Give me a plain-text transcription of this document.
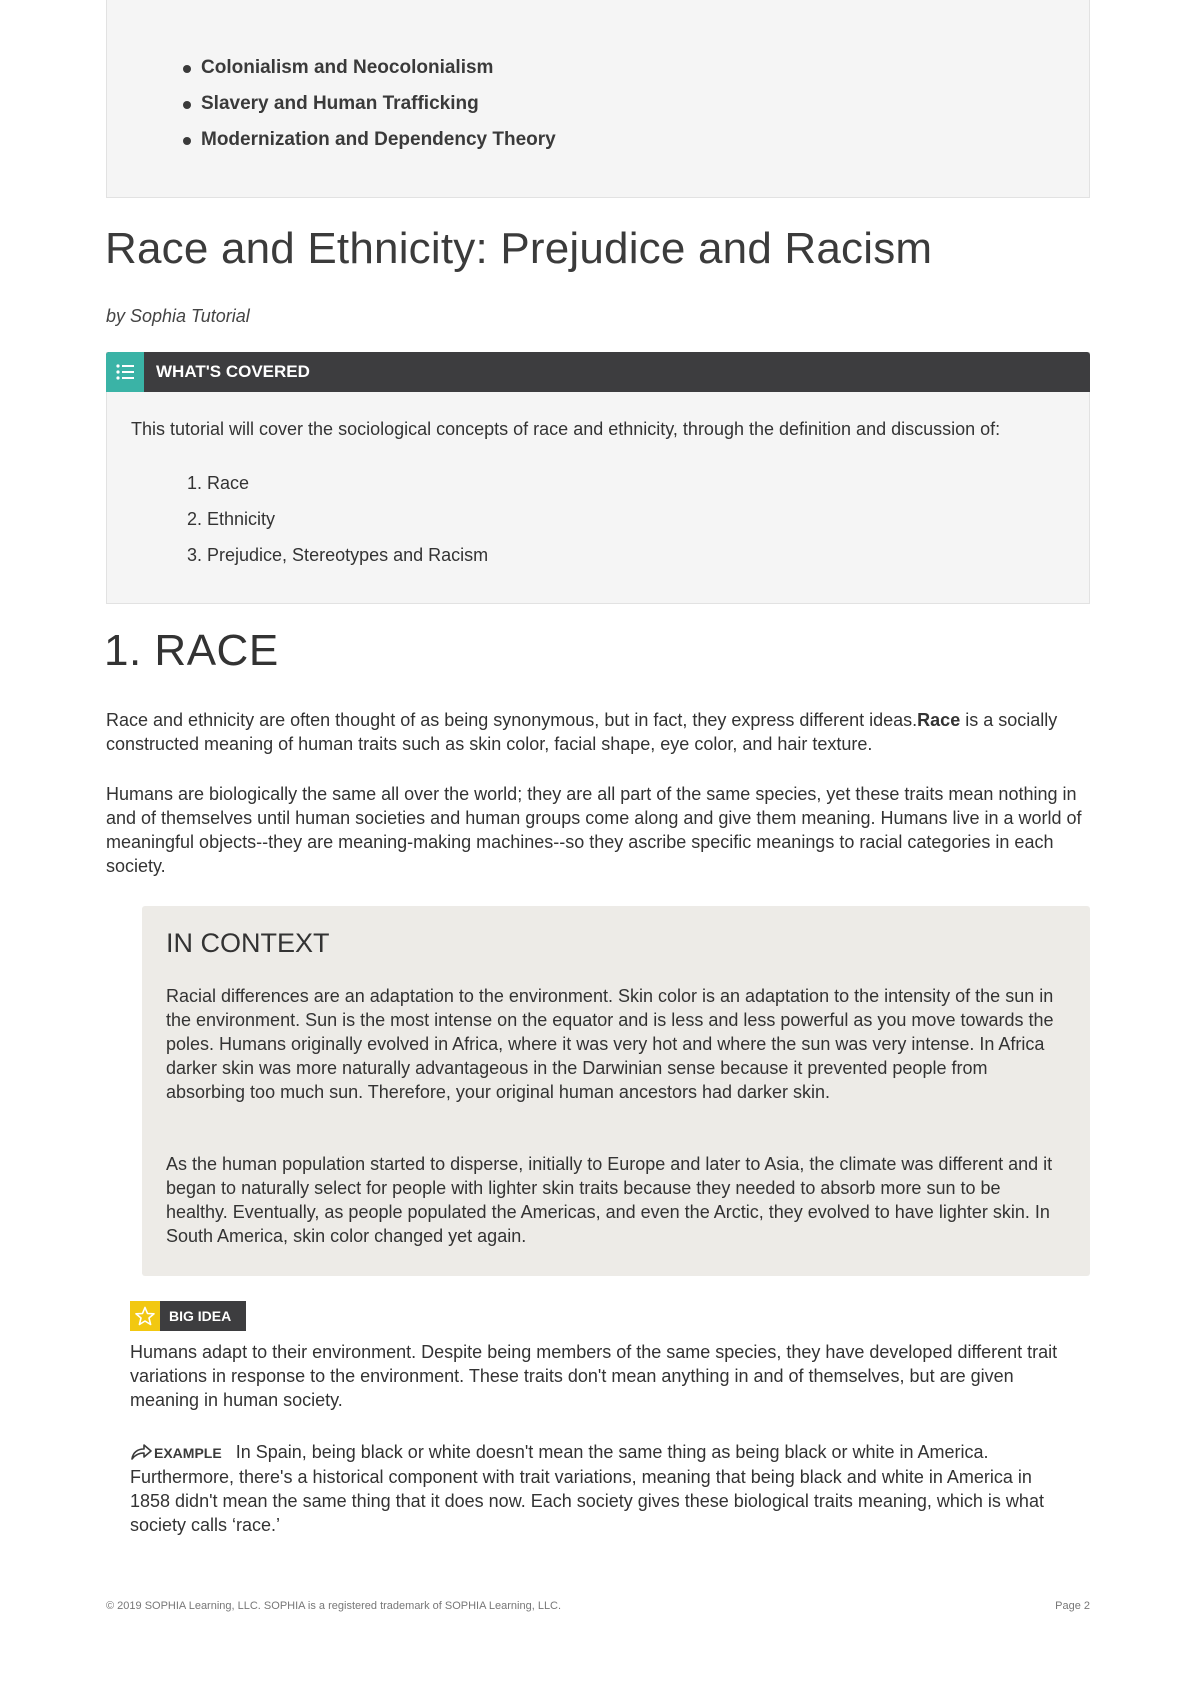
Colonialism and Neocolonialism
Slavery and Human Trafficking
Modernization and Dependency Theory
Race and Ethnicity: Prejudice and Racism
by Sophia Tutorial
WHAT'S COVERED

This tutorial will cover the sociological concepts of race and ethnicity, through the definition and discussion of:

1. Race
2. Ethnicity
3. Prejudice, Stereotypes and Racism
1. RACE

Race and ethnicity are often thought of as being synonymous, but in fact, they express different ideas.Race is a socially constructed meaning of human traits such as skin color, facial shape, eye color, and hair texture.

Humans are biologically the same all over the world; they are all part of the same species, yet these traits mean nothing in and of themselves until human societies and human groups come along and give them meaning. Humans live in a world of meaningful objects--they are meaning-making machines--so they ascribe specific meanings to racial categories in each society.

IN CONTEXT

Racial differences are an adaptation to the environment. Skin color is an adaptation to the intensity of the sun in the environment. Sun is the most intense on the equator and is less and less powerful as you move towards the poles. Humans originally evolved in Africa, where it was very hot and where the sun was very intense. In Africa darker skin was more naturally advantageous in the Darwinian sense because it prevented people from absorbing too much sun. Therefore, your original human ancestors had darker skin.

As the human population started to disperse, initially to Europe and later to Asia, the climate was different and it began to naturally select for people with lighter skin traits because they needed to absorb more sun to be healthy. Eventually, as people populated the Americas, and even the Arctic, they evolved to have lighter skin. In South America, skin color changed yet again.

BIG IDEA

Humans adapt to their environment. Despite being members of the same species, they have developed different trait variations in response to the environment. These traits don't mean anything in and of themselves, but are given meaning in human society.

EXAMPLE In Spain, being black or white doesn't mean the same thing as being black or white in America. Furthermore, there's a historical component with trait variations, meaning that being black and white in America in 1858 didn't mean the same thing that it does now. Each society gives these biological traits meaning, which is what society calls ‘race.’

© 2019 SOPHIA Learning, LLC. SOPHIA is a registered trademark of SOPHIA Learning, LLC.	Page 2
